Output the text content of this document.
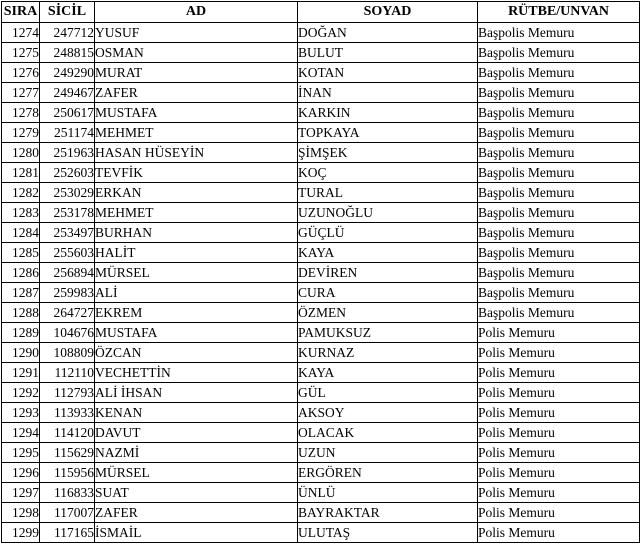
SIRA	SİCİL	AD	SOYAD	RÜTBE/UNVAN
1274	247712	YUSUF	DOĞAN	Başpolis Memuru
1275	248815	OSMAN	BULUT	Başpolis Memuru
1276	249290	MURAT	KOTAN	Başpolis Memuru
1277	249467	ZAFER	İNAN	Başpolis Memuru
1278	250617	MUSTAFA	KARKIN	Başpolis Memuru
1279	251174	MEHMET	TOPKAYA	Başpolis Memuru
1280	251963	HASAN HÜSEYİN	ŞİMŞEK	Başpolis Memuru
1281	252603	TEVFİK	KOÇ	Başpolis Memuru
1282	253029	ERKAN	TURAL	Başpolis Memuru
1283	253178	MEHMET	UZUNOĞLU	Başpolis Memuru
1284	253497	BURHAN	GÜÇLÜ	Başpolis Memuru
1285	255603	HALİT	KAYA	Başpolis Memuru
1286	256894	MÜRSEL	DEVİREN	Başpolis Memuru
1287	259983	ALİ	CURA	Başpolis Memuru
1288	264727	EKREM	ÖZMEN	Başpolis Memuru
1289	104676	MUSTAFA	PAMUKSUZ	Polis Memuru
1290	108809	ÖZCAN	KURNAZ	Polis Memuru
1291	112110	VECHETTİN	KAYA	Polis Memuru
1292	112793	ALİ İHSAN	GÜL	Polis Memuru
1293	113933	KENAN	AKSOY	Polis Memuru
1294	114120	DAVUT	OLACAK	Polis Memuru
1295	115629	NAZMİ	UZUN	Polis Memuru
1296	115956	MÜRSEL	ERGÖREN	Polis Memuru
1297	116833	SUAT	ÜNLÜ	Polis Memuru
1298	117007	ZAFER	BAYRAKTAR	Polis Memuru
1299	117165	İSMAİL	ULUTAŞ	Polis Memuru
